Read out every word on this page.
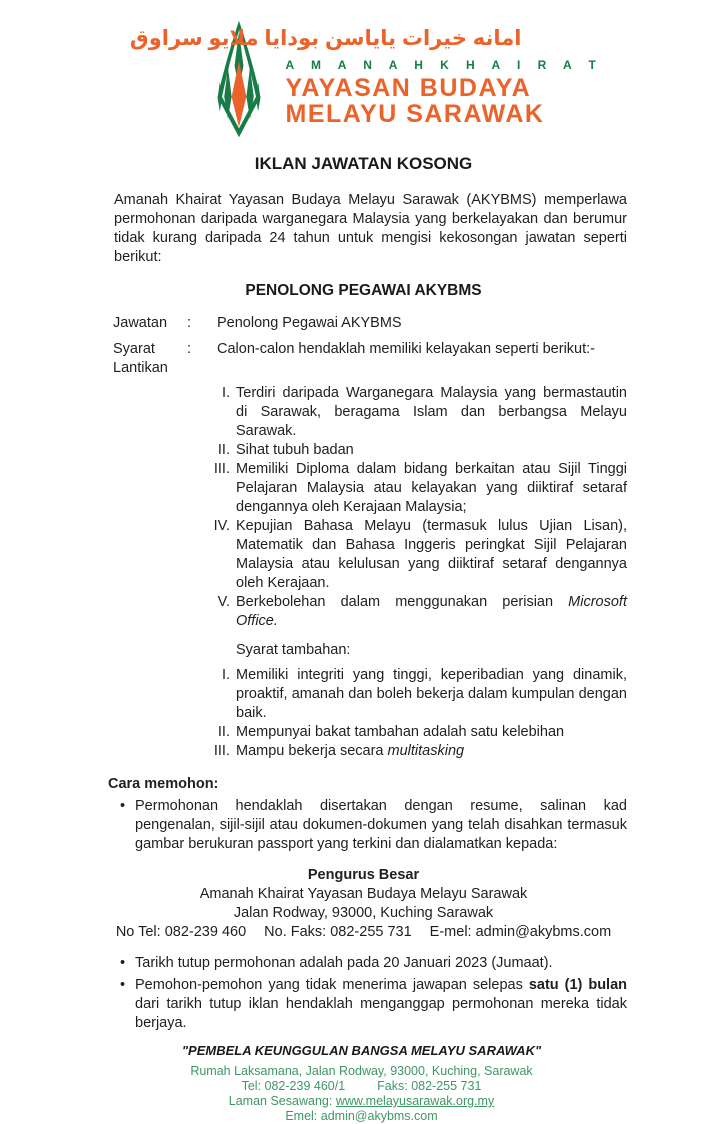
امانه خيرات ياياسن بودايا ملايو سراوق
A M A N A H K H A I R A T
YAYASAN BUDAYA
MELAYU SARAWAK
IKLAN JAWATAN KOSONG

Amanah Khairat Yayasan Budaya Melayu Sarawak (AKYBMS) memperlawa permohonan daripada warganegara Malaysia yang berkelayakan dan berumur tidak kurang daripada 24 tahun untuk mengisi kekosongan jawatan seperti berikut:

PENOLONG PEGAWAI AKYBMS
Jawatan	:	Penolong Pegawai AKYBMS
Syarat Lantikan
:	Calon-calon hendaklah memiliki kelayakan seperti berikut:-
I. Terdiri daripada Warganegara Malaysia yang bermastautin di Sarawak, beragama Islam dan berbangsa Melayu Sarawak.
II. Sihat tubuh badan
III. Memiliki Diploma dalam bidang berkaitan atau Sijil Tinggi Pelajaran Malaysia atau kelayakan yang diiktiraf setaraf dengannya oleh Kerajaan Malaysia;
IV. Kepujian Bahasa Melayu (termasuk lulus Ujian Lisan), Matematik dan Bahasa Inggeris peringkat Sijil Pelajaran Malaysia atau kelulusan yang diiktiraf setaraf dengannya oleh Kerajaan.
V. Berkebolehan dalam menggunakan perisian Microsoft Office.
Syarat tambahan:
I. Memiliki integriti yang tinggi, keperibadian yang dinamik, proaktif, amanah dan boleh bekerja dalam kumpulan dengan baik.
II. Mempunyai bakat tambahan adalah satu kelebihan
III. Mampu bekerja secara multitasking
Cara memohon:
• Permohonan hendaklah disertakan dengan resume, salinan kad pengenalan, sijil-sijil atau dokumen-dokumen yang telah disahkan termasuk gambar berukuran passport yang terkini dan dialamatkan kepada:
Pengurus Besar
Amanah Khairat Yayasan Budaya Melayu Sarawak
Jalan Rodway, 93000, Kuching Sarawak
No Tel: 082-239 460 No. Faks: 082-255 731 E-mel: admin@akybms.com
• Tarikh tutup permohonan adalah pada 20 Januari 2023 (Jumaat).
• Pemohon-pemohon yang tidak menerima jawapan selepas satu (1) bulan dari tarikh tutup iklan hendaklah menganggap permohonan mereka tidak berjaya.
"PEMBELA KEUNGGULAN BANGSA MELAYU SARAWAK"
Rumah Laksamana, Jalan Rodway, 93000, Kuching, Sarawak
Tel: 082-239 460/1	Faks: 082-255 731
Laman Sesawang: www.melayusarawak.org.my
Emel: admin@akybms.com
